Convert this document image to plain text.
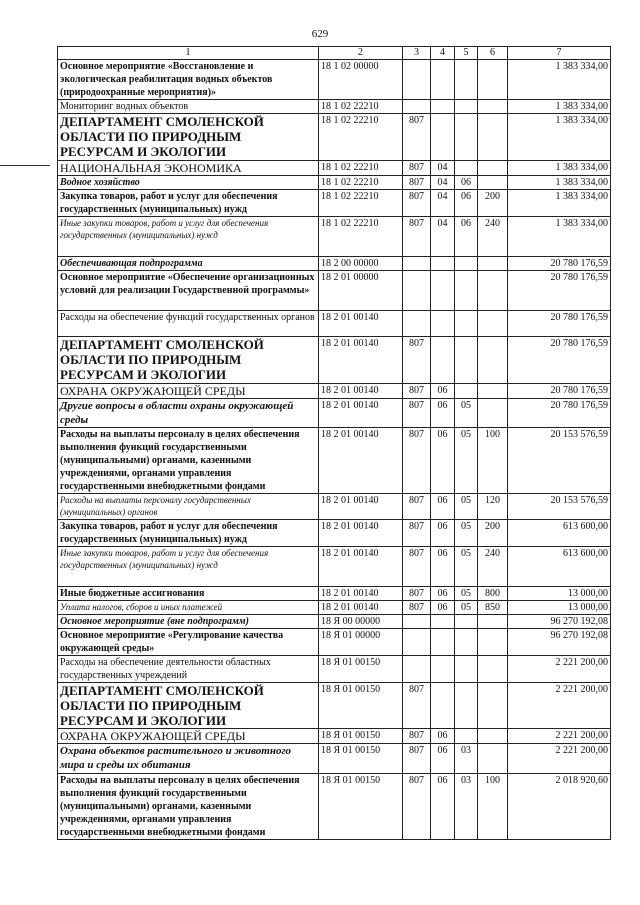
629
1	2	3	4	5	6	7
Основное мероприятие «Восстановление и экологическая реабилитация водных объектов (природоохранные мероприятия)»	18 1 02 00000					1 383 334,00
Мониторинг водных объектов	18 1 02 22210					1 383 334,00
ДЕПАРТАМЕНТ СМОЛЕНСКОЙ ОБЛАСТИ ПО ПРИРОДНЫМ РЕСУРСАМ И ЭКОЛОГИИ	18 1 02 22210	807				1 383 334,00
НАЦИОНАЛЬНАЯ ЭКОНОМИКА	18 1 02 22210	807	04			1 383 334,00
Водное хозяйство	18 1 02 22210	807	04	06		1 383 334,00
Закупка товаров, работ и услуг для обеспечения государственных (муниципальных) нужд	18 1 02 22210	807	04	06	200	1 383 334,00
Иные закупки товаров, работ и услуг для обеспечения государственных (муниципальных) нужд	18 1 02 22210	807	04	06	240	1 383 334,00
Обеспечивающая подпрограмма	18 2 00 00000					20 780 176,59
Основное мероприятие «Обеспечение организационных условий для реализации Государственной программы»	18 2 01 00000					20 780 176,59
Расходы на обеспечение функций государственных органов	18 2 01 00140					20 780 176,59
ДЕПАРТАМЕНТ СМОЛЕНСКОЙ ОБЛАСТИ ПО ПРИРОДНЫМ РЕСУРСАМ И ЭКОЛОГИИ	18 2 01 00140	807				20 780 176,59
ОХРАНА ОКРУЖАЮЩЕЙ СРЕДЫ	18 2 01 00140	807	06			20 780 176,59
Другие вопросы в области охраны окружающей среды	18 2 01 00140	807	06	05		20 780 176,59
Расходы на выплаты персоналу в целях обеспечения выполнения функций государственными (муниципальными) органами, казенными учреждениями, органами управления государственными внебюджетными фондами	18 2 01 00140	807	06	05	100	20 153 576,59
Расходы на выплаты персоналу государственных (муниципальных) органов	18 2 01 00140	807	06	05	120	20 153 576,59
Закупка товаров, работ и услуг для обеспечения государственных (муниципальных) нужд	18 2 01 00140	807	06	05	200	613 600,00
Иные закупки товаров, работ и услуг для обеспечения государственных (муниципальных) нужд	18 2 01 00140	807	06	05	240	613 600,00
Иные бюджетные ассигнования	18 2 01 00140	807	06	05	800	13 000,00
Уплата налогов, сборов и иных платежей	18 2 01 00140	807	06	05	850	13 000,00
Основное мероприятие (вне подпрограмм)	18 Я 00 00000					96 270 192,08
Основное мероприятие «Регулирование качества окружающей среды»	18 Я 01 00000					96 270 192,08
Расходы на обеспечение деятельности областных государственных учреждений	18 Я 01 00150					2 221 200,00
ДЕПАРТАМЕНТ СМОЛЕНСКОЙ ОБЛАСТИ ПО ПРИРОДНЫМ РЕСУРСАМ И ЭКОЛОГИИ	18 Я 01 00150	807				2 221 200,00
ОХРАНА ОКРУЖАЮЩЕЙ СРЕДЫ	18 Я 01 00150	807	06			2 221 200,00
Охрана объектов растительного и животного мира и среды их обитания	18 Я 01 00150	807	06	03		2 221 200,00
Расходы на выплаты персоналу в целях обеспечения выполнения функций государственными (муниципальными) органами, казенными учреждениями, органами управления государственными внебюджетными фондами	18 Я 01 00150	807	06	03	100	2 018 920,60
